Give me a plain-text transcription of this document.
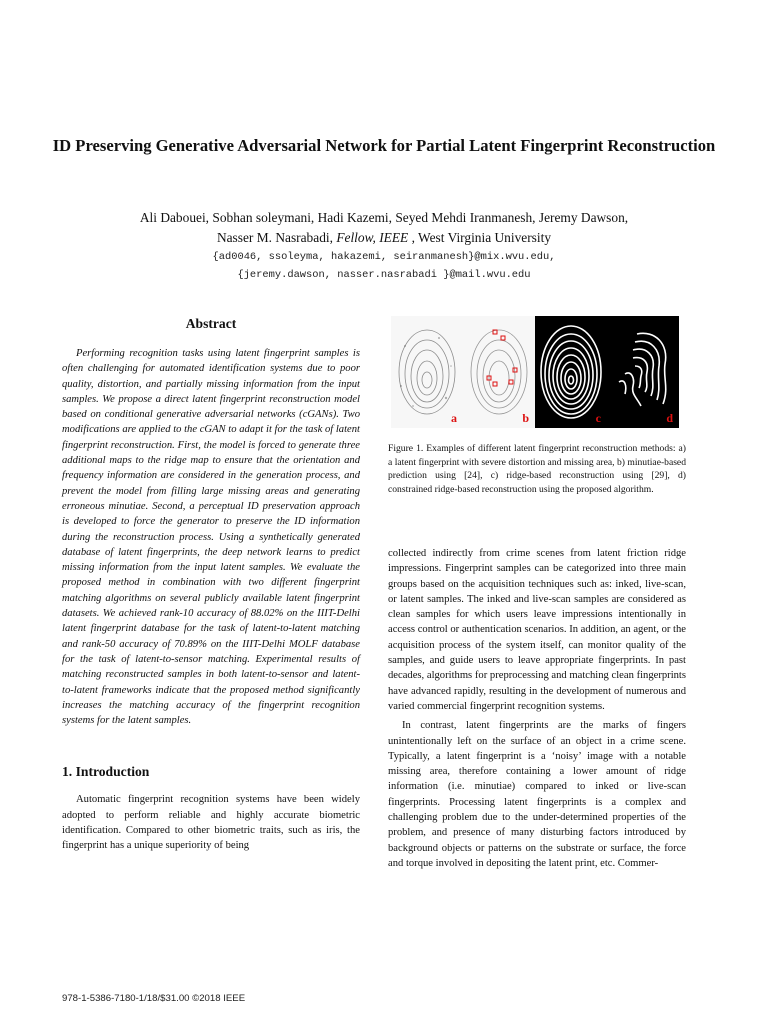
ID Preserving Generative Adversarial Network for Partial Latent Fingerprint Reconstruction
Ali Dabouei, Sobhan soleymani, Hadi Kazemi, Seyed Mehdi Iranmanesh, Jeremy Dawson,
Nasser M. Nasrabadi, Fellow, IEEE , West Virginia University
{ad0046, ssoleyma, hakazemi, seiranmanesh}@mix.wvu.edu,
{jeremy.dawson, nasser.nasrabadi }@mail.wvu.edu
Abstract

Performing recognition tasks using latent fingerprint samples is often challenging for automated identification systems due to poor quality, distortion, and partially missing information from the input samples. We propose a direct latent fingerprint reconstruction model based on conditional generative adversarial networks (cGANs). Two modifications are applied to the cGAN to adapt it for the task of latent fingerprint reconstruction. First, the model is forced to generate three additional maps to the ridge map to ensure that the orientation and frequency information are considered in the generation process, and prevent the model from filling large missing areas and generating erroneous minutiae. Second, a perceptual ID preservation approach is developed to force the generator to preserve the ID information during the reconstruction process. Using a synthetically generated database of latent fingerprints, the deep network learns to predict missing information from the input latent samples. We evaluate the proposed method in combination with two different fingerprint matching algorithms on several publicly available latent fingerprint datasets. We achieved rank-10 accuracy of 88.02% on the IIIT-Delhi latent fingerprint database for the task of latent-to-latent matching and rank-50 accuracy of 70.89% on the IIIT-Delhi MOLF database for the task of latent-to-sensor matching. Experimental results of matching reconstructed samples in both latent-to-sensor and latent-to-latent frameworks indicate that the proposed method significantly increases the matching accuracy of the fingerprint recognition systems for the latent samples.

1. Introduction

Automatic fingerprint recognition systems have been widely adopted to perform reliable and highly accurate biometric identification. Compared to other biometric traits, such as iris, the fingerprint has a unique superiority of being

a	b	c	d

Figure 1. Examples of different latent fingerprint reconstruction methods: a) a latent fingerprint with severe distortion and missing area, b) minutiae-based prediction using [24], c) ridge-based reconstruction using [29], d) constrained ridge-based reconstruction using the proposed algorithm.

collected indirectly from crime scenes from latent friction ridge impressions. Fingerprint samples can be categorized into three main groups based on the acquisition techniques such as: inked, live-scan, or latent samples. The inked and live-scan samples are considered as clean samples for which users leave impressions intentionally in access control or authentication scenarios. In addition, an agent, or the acquisition process of the system itself, can monitor quality of the samples, and guide users to leave appropriate fingerprints. In past decades, algorithms for preprocessing and matching clean fingerprints have advanced rapidly, resulting in the development of numerous and varied commercial fingerprint recognition systems.

In contrast, latent fingerprints are the marks of fingers unintentionally left on the surface of an object in a crime scene. Typically, a latent fingerprint is a ‘noisy’ image with a notable missing area, therefore containing a lower amount of ridge information (i.e. minutiae) compared to inked or live-scan fingerprints. Processing latent fingerprints is a complex and challenging problem due to the under-determined properties of the problem, and presence of many disturbing factors introduced by background objects or patterns on the substrate or surface, the force and torque involved in depositing the latent print, etc. Commer-

978-1-5386-7180-1/18/$31.00 ©2018 IEEE
